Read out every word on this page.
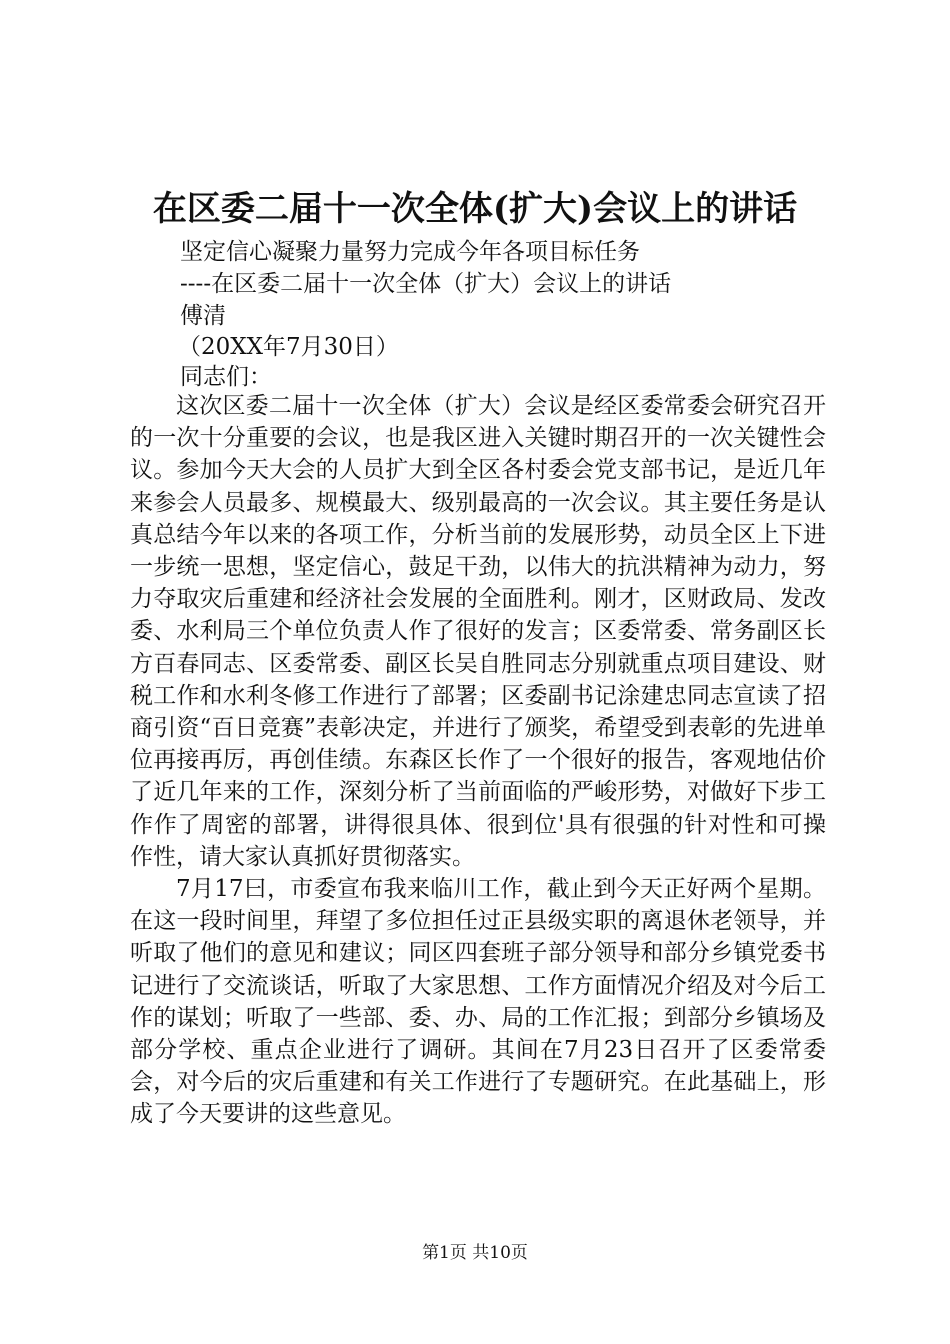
在区委二届十一次全体(扩大)会议上的讲话
坚定信心凝聚力量努力完成今年各项目标任务
----在区委二届十一次全体（扩大）会议上的讲话
傅清
（20XX年7月30日）
同志们：

这次区委二届十一次全体（扩大）会议是经区委常委会研究召开的一次十分重要的会议，也是我区进入关键时期召开的一次关键性会议。参加今天大会的人员扩大到全区各村委会党支部书记，是近几年来参会人员最多、规模最大、级别最高的一次会议。其主要任务是认真总结今年以来的各项工作，分析当前的发展形势，动员全区上下进一步统一思想，坚定信心，鼓足干劲，以伟大的抗洪精神为动力，努力夺取灾后重建和经济社会发展的全面胜利。刚才，区财政局、发改委、水利局三个单位负责人作了很好的发言；区委常委、常务副区长方百春同志、区委常委、副区长吴自胜同志分别就重点项目建设、财税工作和水利冬修工作进行了部署；区委副书记涂建忠同志宣读了招商引资“百日竞赛”表彰决定，并进行了颁奖，希望受到表彰的先进单位再接再厉，再创佳绩。东森区长作了一个很好的报告，客观地估价了近几年来的工作，深刻分析了当前面临的严峻形势，对做好下步工作作了周密的部署，讲得很具体、很到位'具有很强的针对性和可操作性，请大家认真抓好贯彻落实。

7月17曰，市委宣布我来临川工作，截止到今天正好两个星期。在这一段时间里，拜望了多位担任过正县级实职的离退休老领导，并听取了他们的意见和建议；同区四套班子部分领导和部分乡镇党委书记进行了交流谈话，听取了大家思想、工作方面情况介绍及对今后工作的谋划；听取了一些部、委、办、局的工作汇报；到部分乡镇场及部分学校、重点企业进行了调研。其间在7月23日召开了区委常委会，对今后的灾后重建和有关工作进行了专题研究。在此基础上，形成了今天要讲的这些意见。

第1页 共10页
